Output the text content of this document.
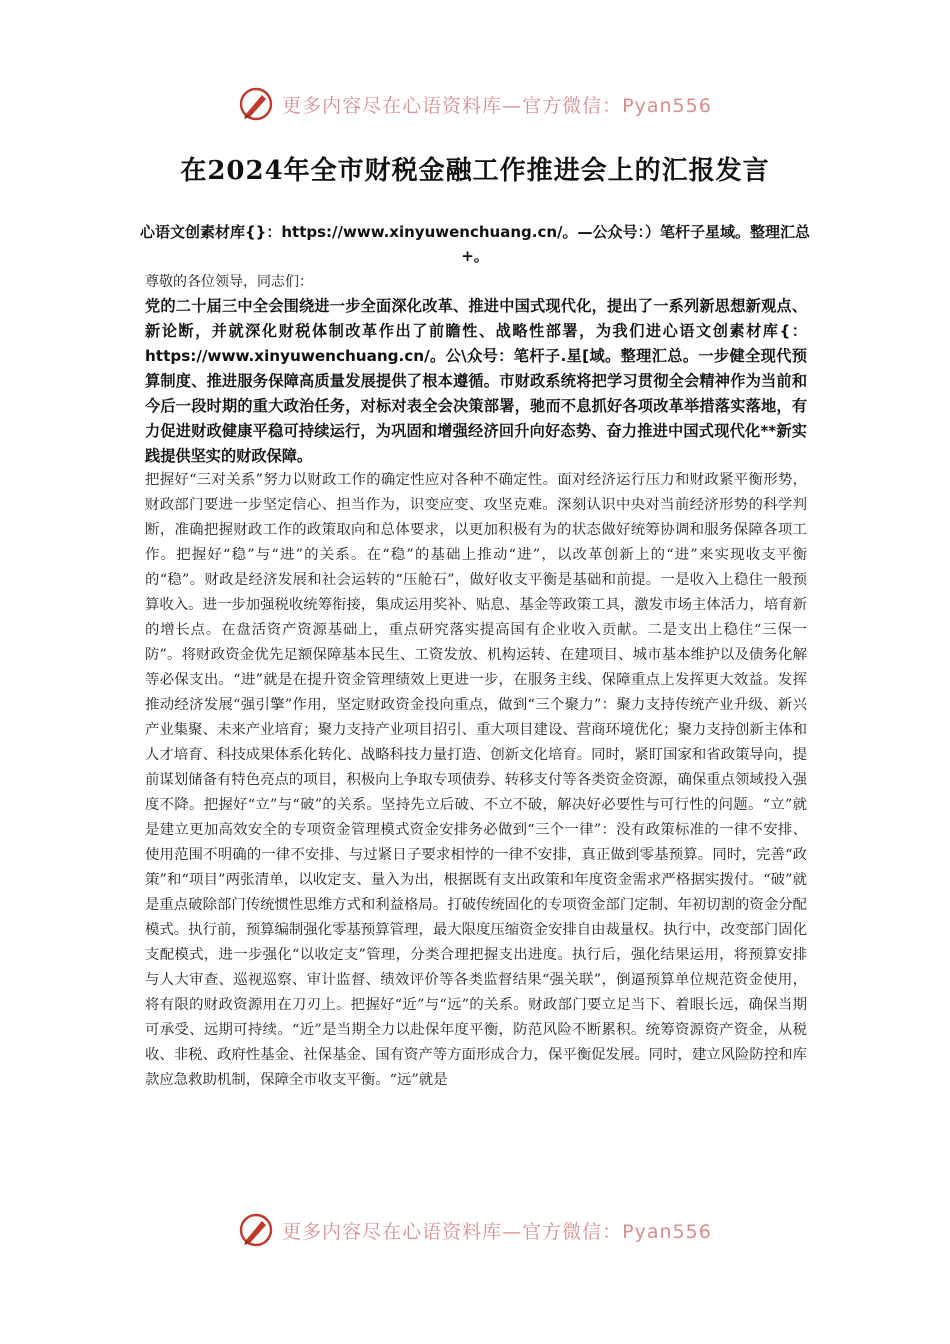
更多内容尽在心语资料库—官方微信：Pyan556
在2024年全市财税金融工作推进会上的汇报发言
心语文创素材库{}：https://www.xinyuwenchuang.cn/。—公众号：）笔杆子星域。整理汇总+。
尊敬的各位领导，同志们：
党的二十届三中全会围绕进一步全面深化改革、推进中国式现代化，提出了一系列新思想新观点、新论断，并就深化财税体制改革作出了前瞻性、战略性部署，为我们进心语文创素材库{：https://www.xinyuwenchuang.cn/。公\众号：笔杆子.星[域。整理汇总。一步健全现代预算制度、推进服务保障高质量发展提供了根本遵循。市财政系统将把学习贯彻全会精神作为当前和今后一段时期的重大政治任务，对标对表全会决策部署，驰而不息抓好各项改革举措落实落地，有力促进财政健康平稳可持续运行，为巩固和增强经济回升向好态势、奋力推进中国式现代化**新实践提供坚实的财政保障。
把握好“三对关系”努力以财政工作的确定性应对各种不确定性。面对经济运行压力和财政紧平衡形势，财政部门要进一步坚定信心、担当作为，识变应变、攻坚克难。深刻认识中央对当前经济形势的科学判断，准确把握财政工作的政策取向和总体要求，以更加积极有为的状态做好统筹协调和服务保障各项工作。把握好“稳”与“进”的关系。在“稳”的基础上推动“进”，以改革创新上的“进”来实现收支平衡的“稳”。财政是经济发展和社会运转的“压舱石”，做好收支平衡是基础和前提。一是收入上稳住一般预算收入。进一步加强税收统筹衔接，集成运用奖补、贴息、基金等政策工具，激发市场主体活力，培育新的增长点。在盘活资产资源基础上，重点研究落实提高国有企业收入贡献。二是支出上稳住“三保一防”。将财政资金优先足额保障基本民生、工资发放、机构运转、在建项目、城市基本维护以及债务化解等必保支出。“进”就是在提升资金管理绩效上更进一步，在服务主线、保障重点上发挥更大效益。发挥推动经济发展“强引擎”作用，坚定财政资金投向重点，做到“三个聚力”：聚力支持传统产业升级、新兴产业集聚、未来产业培育；聚力支持产业项目招引、重大项目建设、营商环境优化；聚力支持创新主体和人才培育、科技成果体系化转化、战略科技力量打造、创新文化培育。同时，紧盯国家和省政策导向，提前谋划储备有特色亮点的项目，积极向上争取专项债券、转移支付等各类资金资源，确保重点领域投入强度不降。把握好“立”与“破”的关系。坚持先立后破、不立不破，解决好必要性与可行性的问题。“立”就是建立更加高效安全的专项资金管理模式资金安排务必做到“三个一律”：没有政策标准的一律不安排、使用范围不明确的一律不安排、与过紧日子要求相悖的一律不安排，真正做到零基预算。同时，完善“政策”和“项目”两张清单，以收定支、量入为出，根据既有支出政策和年度资金需求严格据实拨付。“破”就是重点破除部门传统惯性思维方式和利益格局。打破传统固化的专项资金部门定制、年初切割的资金分配模式。执行前，预算编制强化零基预算管理，最大限度压缩资金安排自由裁量权。执行中，改变部门固化支配模式，进一步强化“以收定支”管理，分类合理把握支出进度。执行后，强化结果运用，将预算安排与人大审查、巡视巡察、审计监督、绩效评价等各类监督结果“强关联”，倒逼预算单位规范资金使用，将有限的财政资源用在刀刃上。把握好“近”与“远”的关系。财政部门要立足当下、着眼长远，确保当期可承受、远期可持续。“近”是当期全力以赴保年度平衡，防范风险不断累积。统筹资源资产资金，从税收、非税、政府性基金、社保基金、国有资产等方面形成合力，保平衡促发展。同时，建立风险防控和库款应急救助机制，保障全市收支平衡。“远”就是
更多内容尽在心语资料库—官方微信：Pyan556
